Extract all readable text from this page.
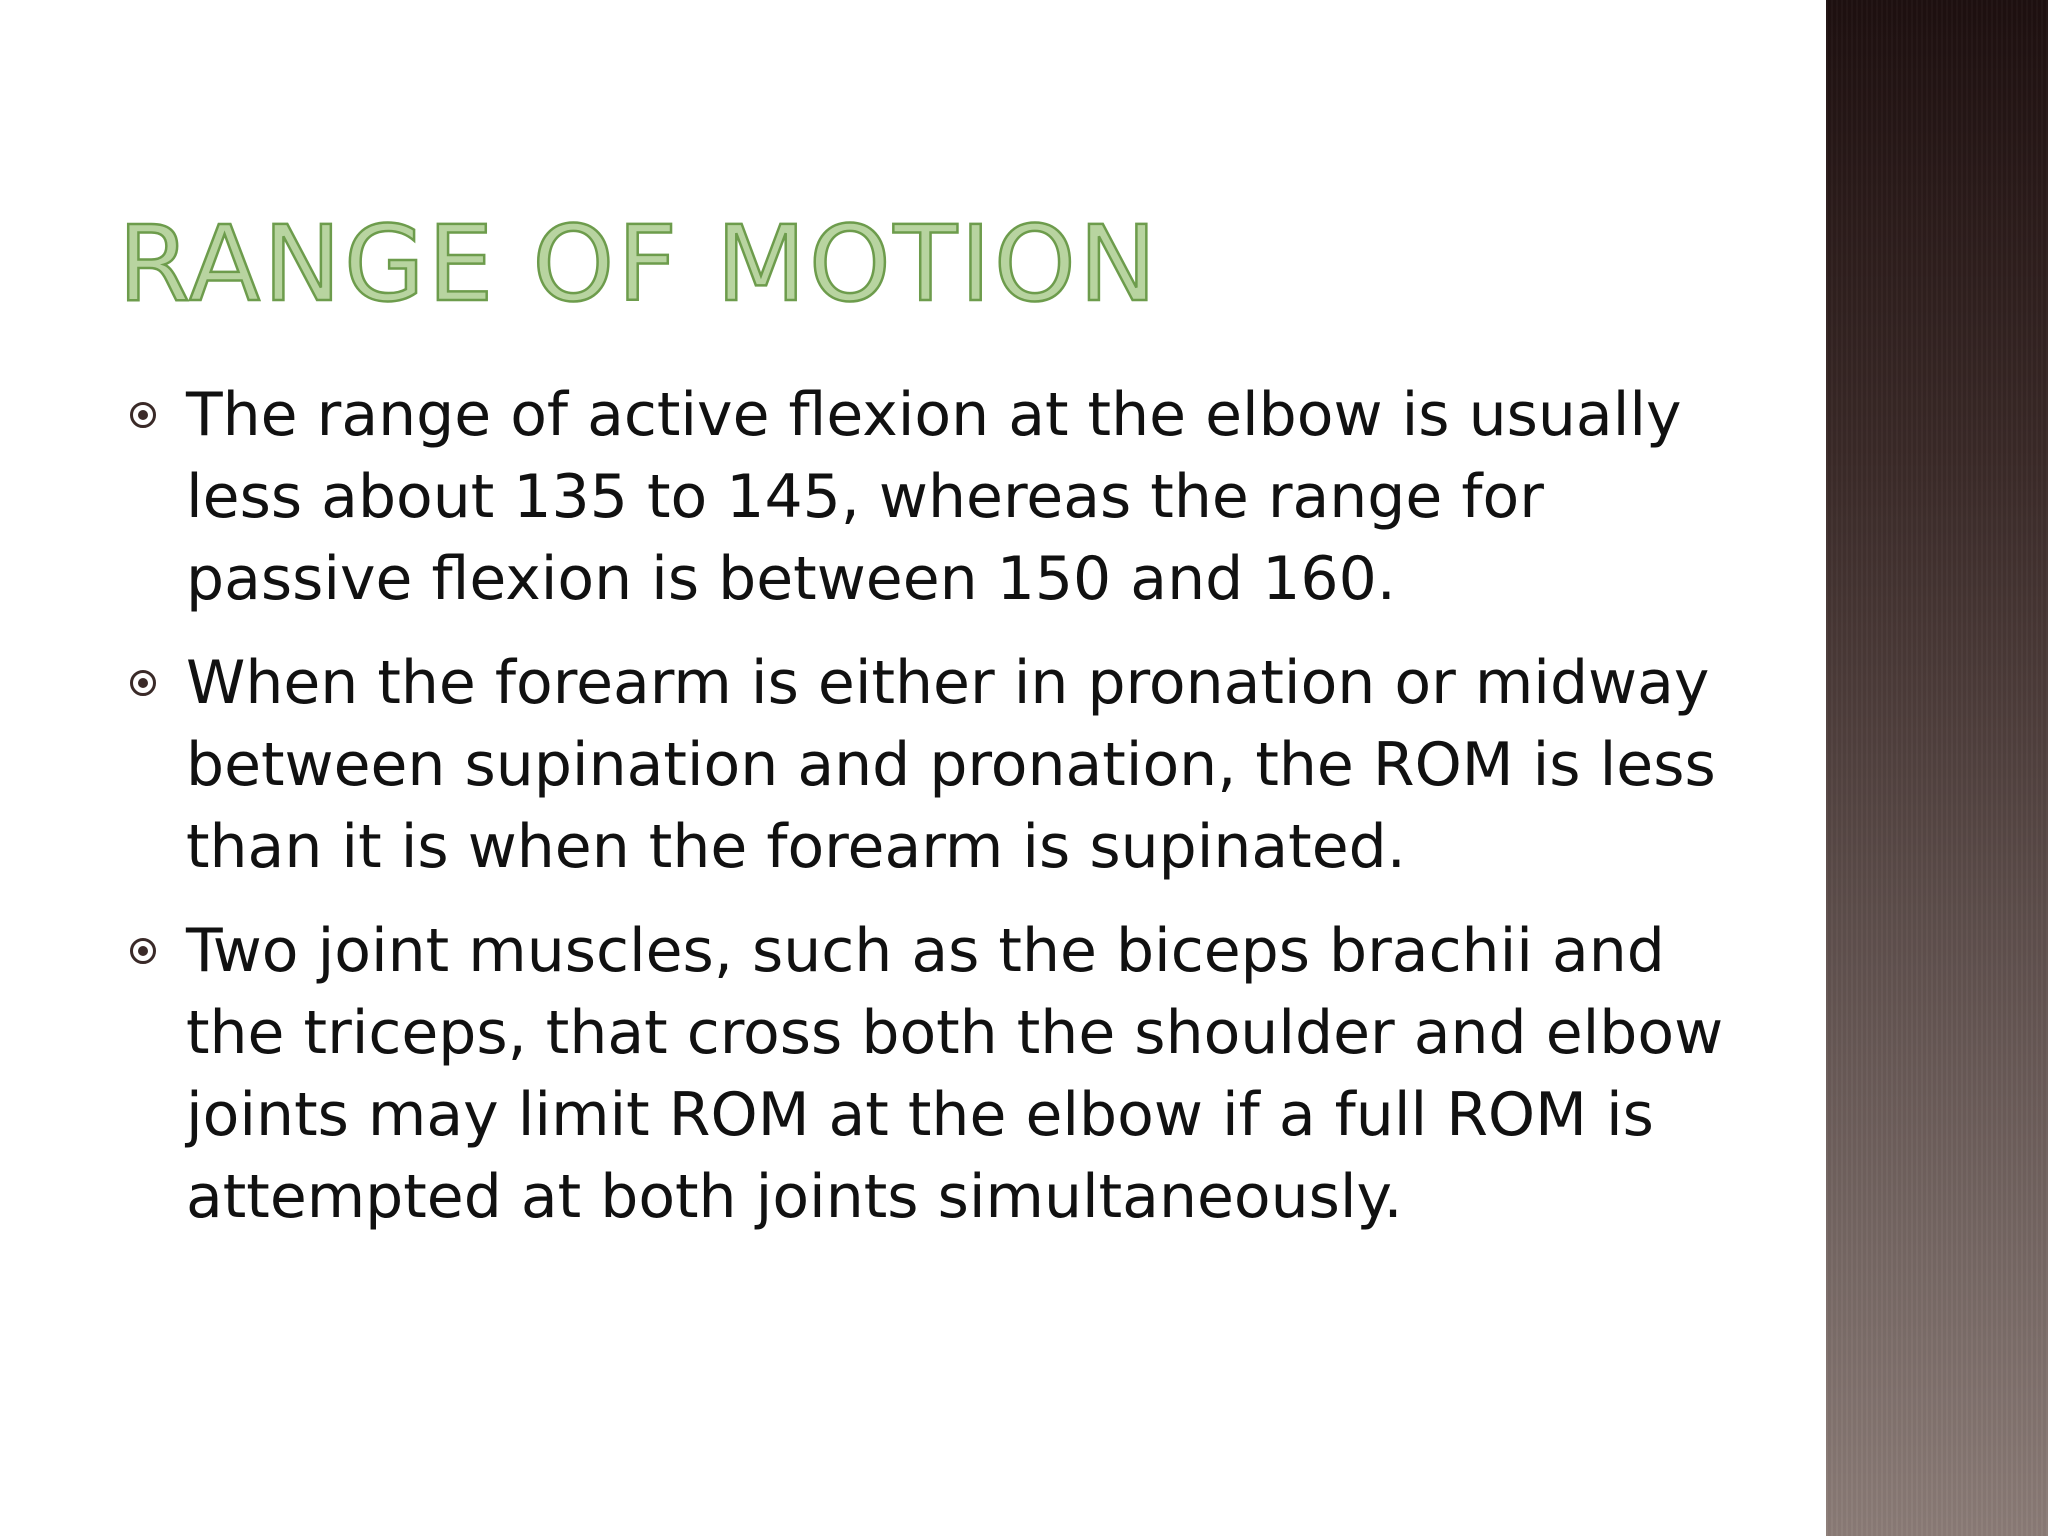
RANGE OF MOTION
The range of active flexion at the elbow is usually less about 135 to 145, whereas the range for passive flexion is between 150 and 160.
When the forearm is either in pronation or midway between supination and pronation, the ROM is less than it is when the forearm is supinated.
Two joint muscles, such as the biceps brachii and the triceps, that cross both the shoulder and elbow joints may limit ROM at the elbow if a full ROM is attempted at both joints simultaneously.
